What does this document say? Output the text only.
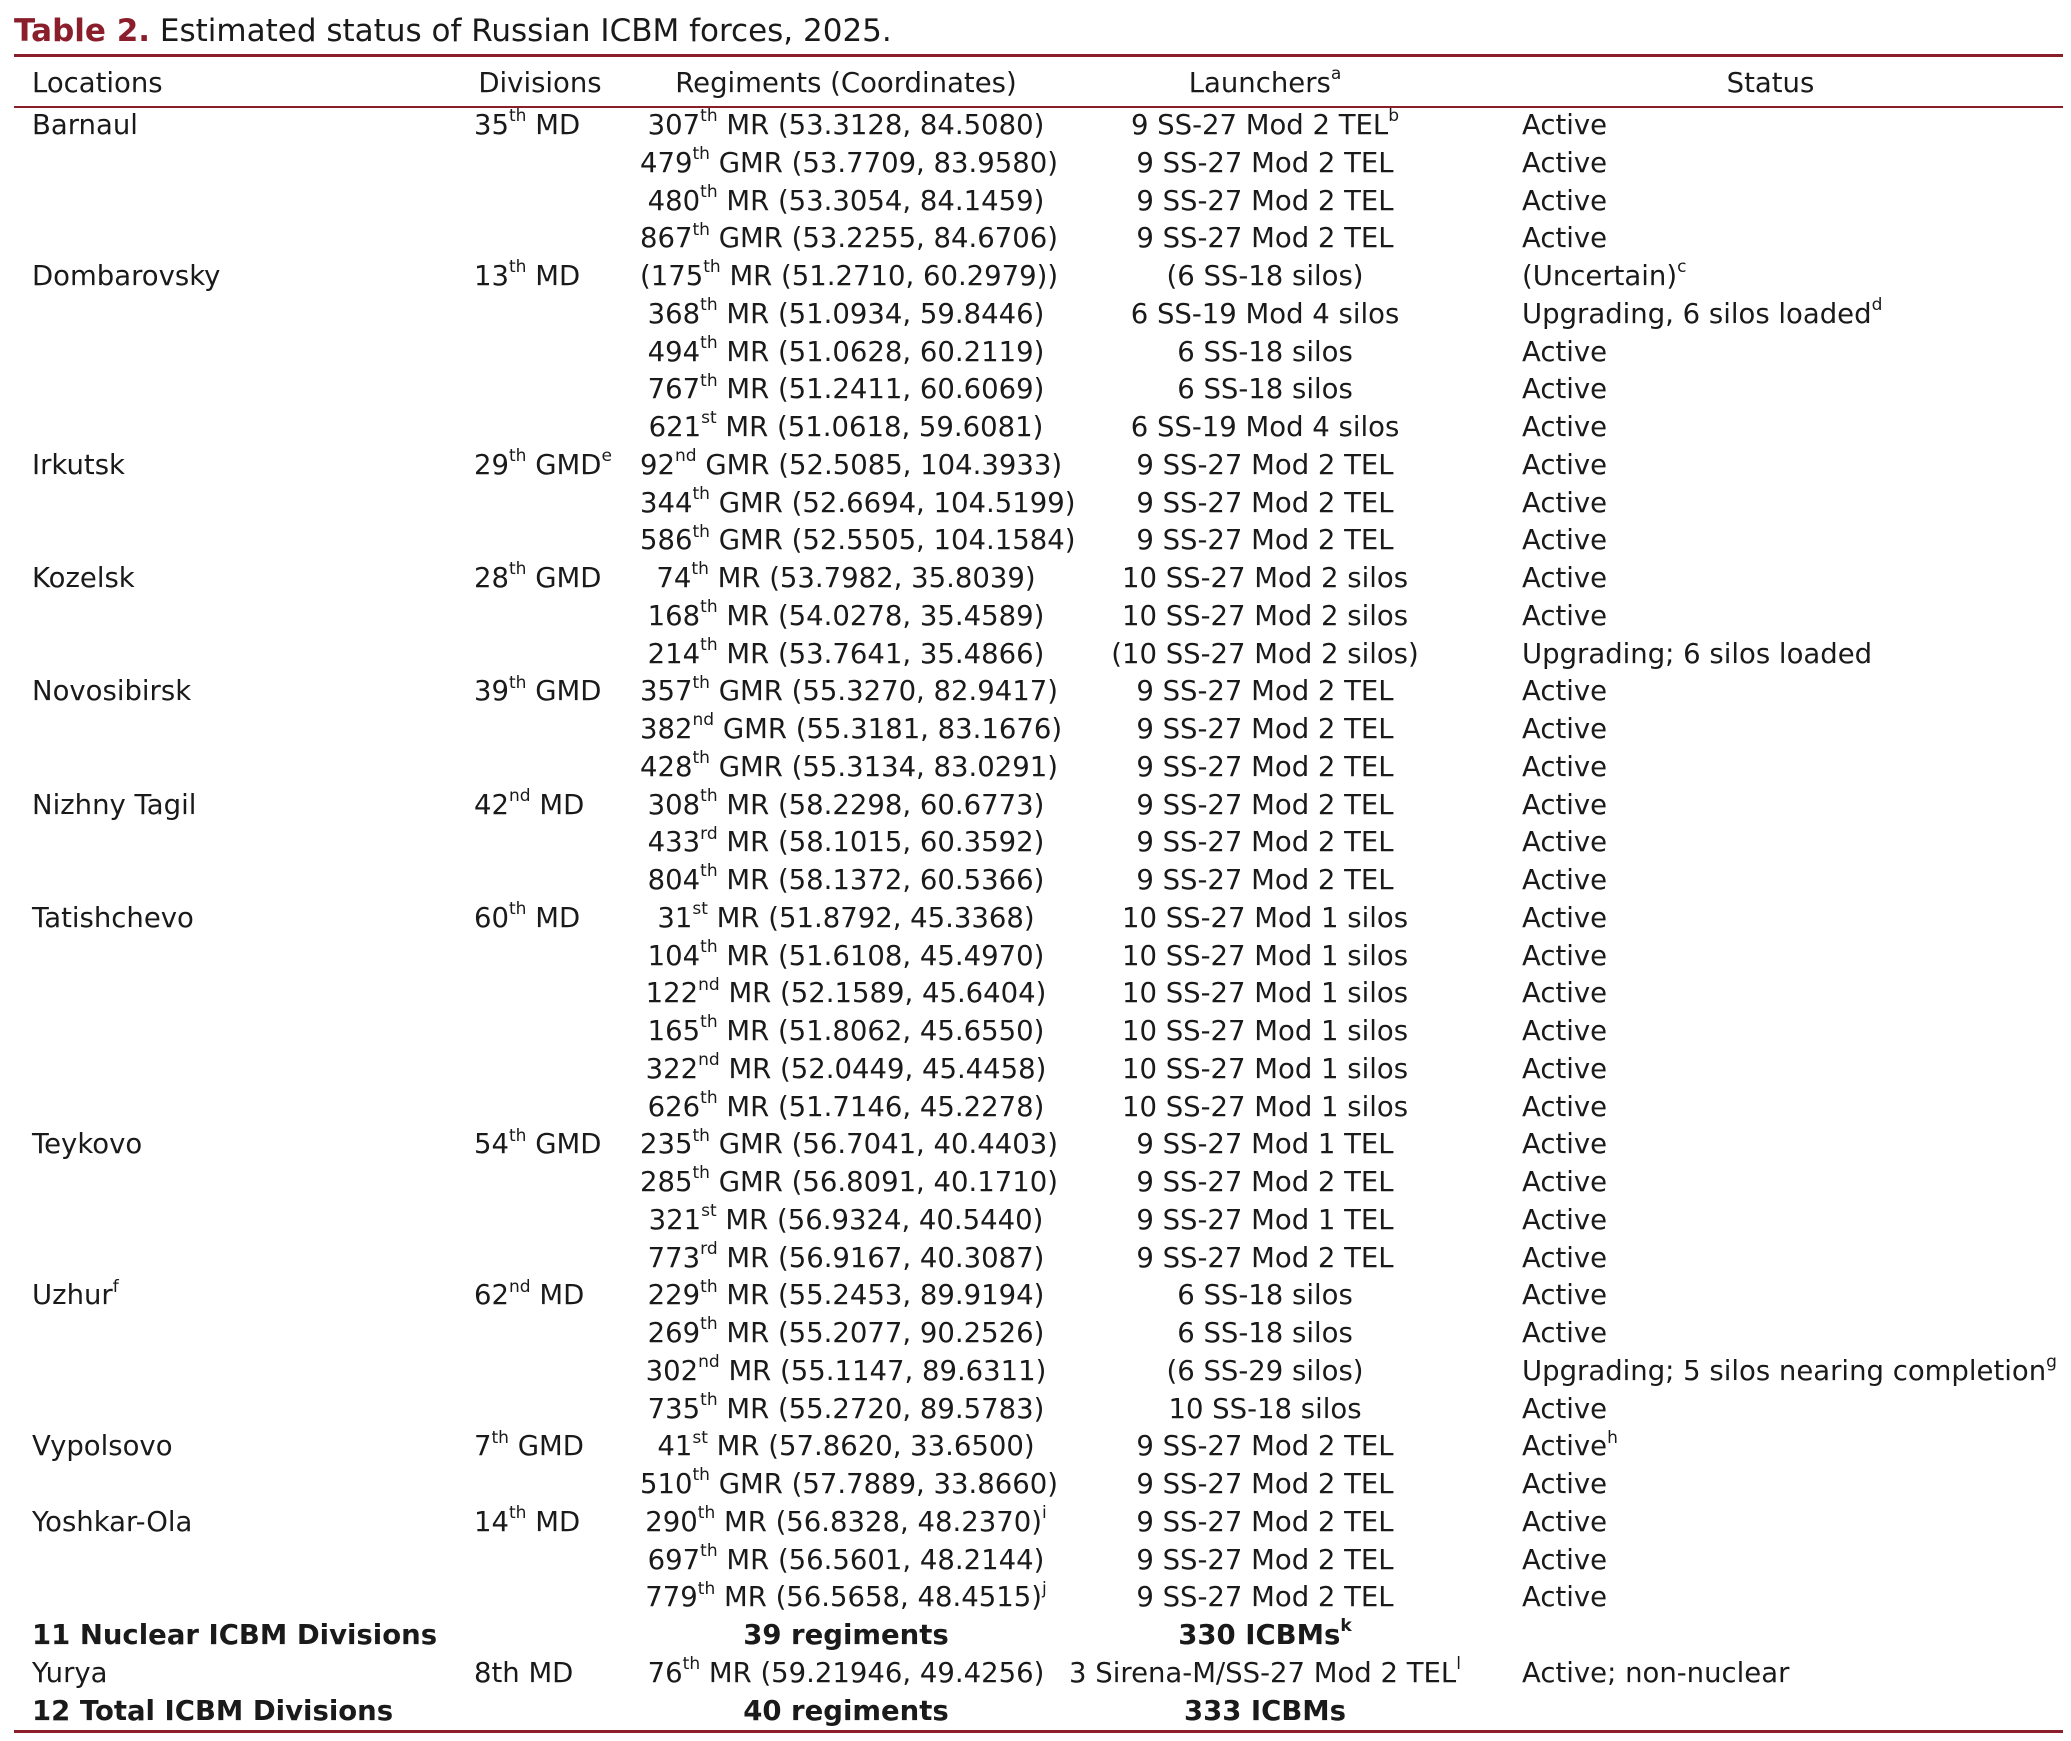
Table 2. Estimated status of Russian ICBM forces, 2025.
Locations	Divisions	Regiments (Coordinates)	Launchers$^a$	Status
Barnaul	35th MD	307th MR (53.3128, 84.5080)	9 SS-27 Mod 2 TEL$^b$	Active
		479th GMR (53.7709, 83.9580)	9 SS-27 Mod 2 TEL	Active
		480th MR (53.3054, 84.1459)	9 SS-27 Mod 2 TEL	Active
		867th GMR (53.2255, 84.6706)	9 SS-27 Mod 2 TEL	Active
Dombarovsky	13th MD	(175th MR (51.2710, 60.2979))	(6 SS-18 silos)	(Uncertain)$^c$
		368th MR (51.0934, 59.8446)	6 SS-19 Mod 4 silos	Upgrading, 6 silos loaded$^d$
		494th MR (51.0628, 60.2119)	6 SS-18 silos	Active
		767th MR (51.2411, 60.6069)	6 SS-18 silos	Active
		621st MR (51.0618, 59.6081)	6 SS-19 Mod 4 silos	Active
Irkutsk	29th GMD$^e$	92nd GMR (52.5085, 104.3933)	9 SS-27 Mod 2 TEL	Active
		344th GMR (52.6694, 104.5199)	9 SS-27 Mod 2 TEL	Active
		586th GMR (52.5505, 104.1584)	9 SS-27 Mod 2 TEL	Active
Kozelsk	28th GMD	74th MR (53.7982, 35.8039)	10 SS-27 Mod 2 silos	Active
		168th MR (54.0278, 35.4589)	10 SS-27 Mod 2 silos	Active
		214th MR (53.7641, 35.4866)	(10 SS-27 Mod 2 silos)	Upgrading; 6 silos loaded
Novosibirsk	39th GMD	357th GMR (55.3270, 82.9417)	9 SS-27 Mod 2 TEL	Active
		382nd GMR (55.3181, 83.1676)	9 SS-27 Mod 2 TEL	Active
		428th GMR (55.3134, 83.0291)	9 SS-27 Mod 2 TEL	Active
Nizhny Tagil	42nd MD	308th MR (58.2298, 60.6773)	9 SS-27 Mod 2 TEL	Active
		433rd MR (58.1015, 60.3592)	9 SS-27 Mod 2 TEL	Active
		804th MR (58.1372, 60.5366)	9 SS-27 Mod 2 TEL	Active
Tatishchevo	60th MD	31st MR (51.8792, 45.3368)	10 SS-27 Mod 1 silos	Active
		104th MR (51.6108, 45.4970)	10 SS-27 Mod 1 silos	Active
		122nd MR (52.1589, 45.6404)	10 SS-27 Mod 1 silos	Active
		165th MR (51.8062, 45.6550)	10 SS-27 Mod 1 silos	Active
		322nd MR (52.0449, 45.4458)	10 SS-27 Mod 1 silos	Active
		626th MR (51.7146, 45.2278)	10 SS-27 Mod 1 silos	Active
Teykovo	54th GMD	235th GMR (56.7041, 40.4403)	9 SS-27 Mod 1 TEL	Active
		285th GMR (56.8091, 40.1710)	9 SS-27 Mod 2 TEL	Active
		321st MR (56.9324, 40.5440)	9 SS-27 Mod 1 TEL	Active
		773rd MR (56.9167, 40.3087)	9 SS-27 Mod 2 TEL	Active
Uzhur$^f$	62nd MD	229th MR (55.2453, 89.9194)	6 SS-18 silos	Active
		269th MR (55.2077, 90.2526)	6 SS-18 silos	Active
		302nd MR (55.1147, 89.6311)	(6 SS-29 silos)	Upgrading; 5 silos nearing completion$^g$
		735th MR (55.2720, 89.5783)	10 SS-18 silos	Active
Vypolsovo	7th GMD	41st MR (57.8620, 33.6500)	9 SS-27 Mod 2 TEL	Active$^h$
		510th GMR (57.7889, 33.8660)	9 SS-27 Mod 2 TEL	Active
Yoshkar-Ola	14th MD	290th MR (56.8328, 48.2370)$^i$	9 SS-27 Mod 2 TEL	Active
		697th MR (56.5601, 48.2144)	9 SS-27 Mod 2 TEL	Active
		779th MR (56.5658, 48.4515)$^j$	9 SS-27 Mod 2 TEL	Active
11 Nuclear ICBM Divisions		39 regiments	330 ICBMs$^k$	
Yurya	8th MD	76th MR (59.21946, 49.4256)	3 Sirena-M/SS-27 Mod 2 TEL$^l$	Active; non-nuclear
12 Total ICBM Divisions		40 regiments	333 ICBMs	
